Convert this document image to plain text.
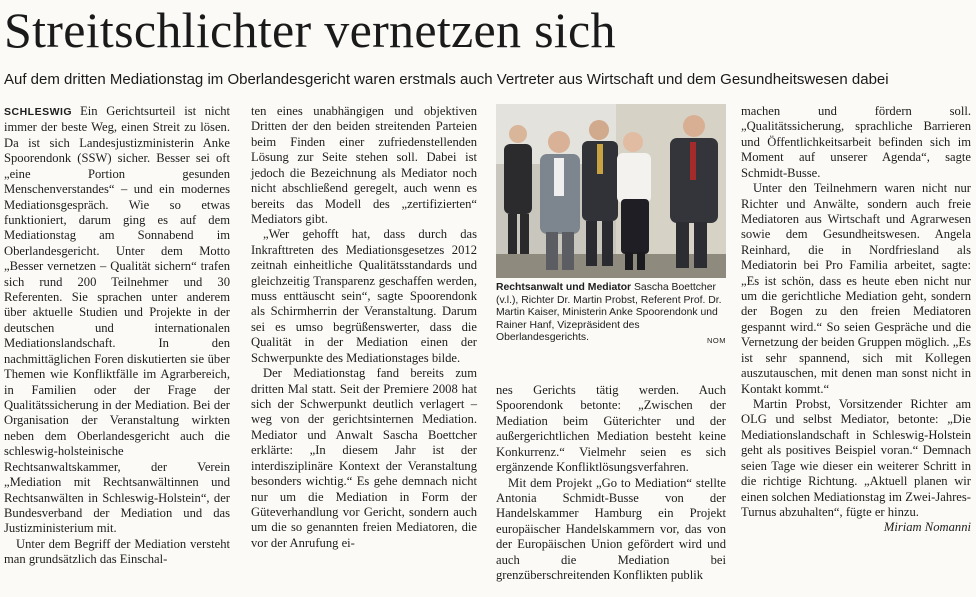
Streitschlichter vernetzen sich

Auf dem dritten Mediationstag im Oberlandesgericht waren erstmals auch Vertreter aus Wirtschaft und dem Gesundheitswesen dabei

SCHLESWIG Ein Gerichtsurteil ist nicht immer der beste Weg, einen Streit zu lösen. Da ist sich Landesjustizministerin Anke Spoorendonk (SSW) sicher. Besser sei oft „eine Portion gesunden Menschenverstandes“ – und ein modernes Mediationsgespräch. Wie so etwas funktioniert, darum ging es auf dem Mediationstag am Sonnabend im Oberlandesgericht. Unter dem Motto „Besser vernetzen – Qualität sichern“ trafen sich rund 200 Teilnehmer und 30 Referenten. Sie sprachen unter anderem über aktuelle Studien und Projekte in der deutschen und internationalen Mediationslandschaft. In den nachmittäglichen Foren diskutierten sie über Themen wie Konfliktfälle im Agrarbereich, in Familien oder der Frage der Qualitätssicherung in der Mediation. Bei der Organisation der Veranstaltung wirkten neben dem Oberlandesgericht auch die schleswig-holsteinische Rechtsanwaltskammer, der Verein „Mediation mit Rechtsanwältinnen und Rechtsanwälten in Schleswig-Holstein“, der Bundesverband der Mediation und das Justizministerium mit.

Unter dem Begriff der Mediation versteht man grundsätzlich das Einschal-

ten eines unabhängigen und objektiven Dritten der den beiden streitenden Parteien beim Finden einer zufriedenstellenden Lösung zur Seite stehen soll. Dabei ist jedoch die Bezeichnung als Mediator noch nicht abschließend geregelt, auch wenn es bereits das Modell des „zertifizierten“ Mediators gibt.

„Wer gehofft hat, dass durch das Inkrafttreten des Mediationsgesetzes 2012 zeitnah einheitliche Qualitätsstandards und gleichzeitig Transparenz geschaffen werden, muss enttäuscht sein“, sagte Spoorendonk als Schirmherrin der Veranstaltung. Darum sei es umso begrüßenswerter, dass die Qualität in der Mediation einen der Schwerpunkte des Mediationstages bilde.

Der Mediationstag fand bereits zum dritten Mal statt. Seit der Premiere 2008 hat sich der Schwerpunkt deutlich verlagert – weg von der gerichtsinternen Mediation. Mediator und Anwalt Sascha Boettcher erklärte: „In diesem Jahr ist der interdisziplinäre Kontext der Veranstaltung besonders wichtig.“ Es gehe demnach nicht nur um die Mediation in Form der Güteverhandlung vor Gericht, sondern auch um die so genannten freien Mediatoren, die vor der Anrufung ei-

Rechtsanwalt und Mediator Sascha Boettcher (v.l.), Richter Dr. Martin Probst, Referent Prof. Dr. Martin Kaiser, Ministerin Anke Spoorendonk und Rainer Hanf, Vizepräsident des Oberlandesgerichts.	NOM

nes Gerichts tätig werden. Auch Spoorendonk betonte: „Zwischen der Mediation beim Güterichter und der außergerichtlichen Mediation besteht keine Konkurrenz.“ Vielmehr seien es sich ergänzende Konfliktlösungsverfahren.

Mit dem Projekt „Go to Mediation“ stellte Antonia Schmidt-Busse von der Handelskammer Hamburg ein Projekt europäischer Handelskammern vor, das von der Europäischen Union gefördert wird und auch die Mediation bei grenzüberschreitenden Konflikten publik

machen und fördern soll. „Qualitätssicherung, sprachliche Barrieren und Öffentlichkeitsarbeit befinden sich im Moment auf unserer Agenda“, sagte Schmidt-Busse.

Unter den Teilnehmern waren nicht nur Richter und Anwälte, sondern auch freie Mediatoren aus Wirtschaft und Agrarwesen sowie dem Gesundheitswesen. Angela Reinhard, die in Nordfriesland als Mediatorin bei Pro Familia arbeitet, sagte: „Es ist schön, dass es heute eben nicht nur um die gerichtliche Mediation geht, sondern der Bogen zu den freien Mediatoren gespannt wird.“ So seien Gespräche und die Vernetzung der beiden Gruppen möglich. „Es ist sehr spannend, sich mit Kollegen auszutauschen, mit denen man sonst nicht in Kontakt kommt.“

Martin Probst, Vorsitzender Richter am OLG und selbst Mediator, betonte: „Die Mediationslandschaft in Schleswig-Holstein geht als positives Beispiel voran.“ Demnach seien Tage wie dieser ein weiterer Schritt in die richtige Richtung. „Aktuell planen wir einen solchen Mediationstag im Zwei-Jahres-Turnus abzuhalten“, fügte er hinzu.

Miriam Nomanni
